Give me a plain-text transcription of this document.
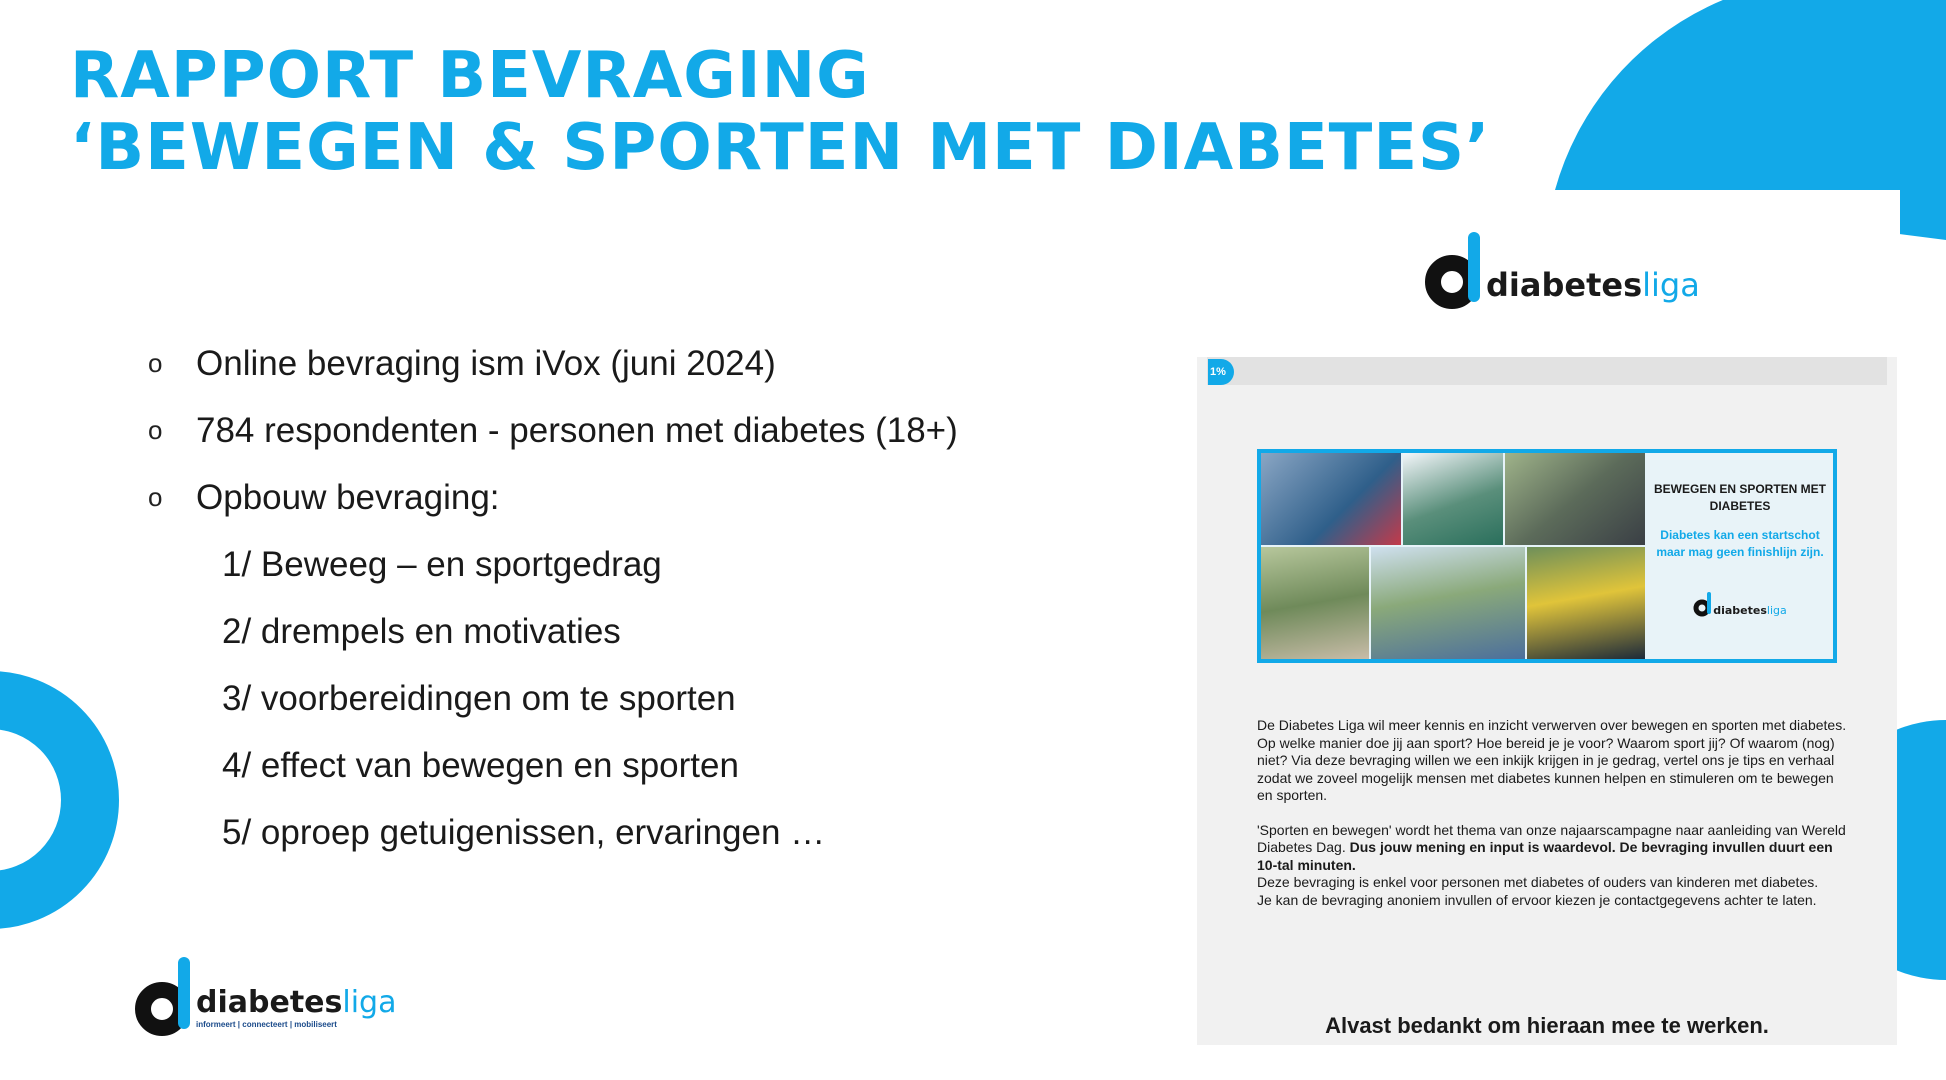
RAPPORT BEVRAGING
‘BEWEGEN & SPORTEN MET DIABETES’
diabetesliga
o Online bevraging ism iVox (juni 2024)
o 784 respondenten - personen met diabetes (18+)
o Opbouw bevraging:
1/ Beweeg – en sportgedrag
2/ drempels en motivaties
3/ voorbereidingen om te sporten
4/ effect van bewegen en sporten
5/ oproep getuigenissen, ervaringen …
diabetesliga
informeert | connecteert | mobiliseert
1%
BEWEGEN EN SPORTEN MET DIABETES
Diabetes kan een startschot maar mag geen finishlijn zijn.
diabetesliga

De Diabetes Liga wil meer kennis en inzicht verwerven over bewegen en sporten met diabetes. Op welke manier doe jij aan sport? Hoe bereid je je voor? Waarom sport jij? Of waarom (nog) niet? Via deze bevraging willen we een inkijk krijgen in je gedrag, vertel ons je tips en verhaal zodat we zoveel mogelijk mensen met diabetes kunnen helpen en stimuleren om te bewegen en sporten.

'Sporten en bewegen' wordt het thema van onze najaarscampagne naar aanleiding van Wereld Diabetes Dag. Dus jouw mening en input is waardevol. De bevraging invullen duurt een 10-tal minuten.
Deze bevraging is enkel voor personen met diabetes of ouders van kinderen met diabetes.
Je kan de bevraging anoniem invullen of ervoor kiezen je contactgegevens achter te laten.

Alvast bedankt om hieraan mee te werken.
